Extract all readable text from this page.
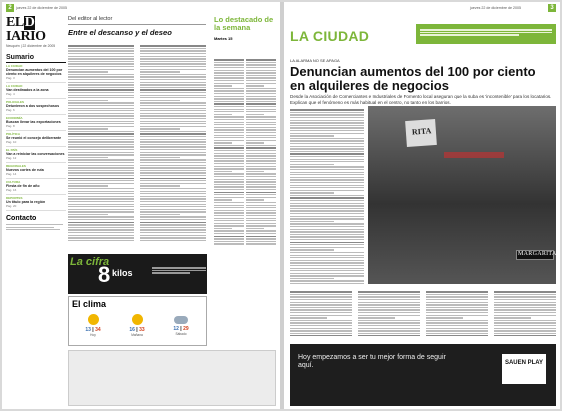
2	jueves 22 de diciembre de 2005
ELDIARIO
Neuquén | 22 diciembre de 2005
Sumario
LA CIUDAD
Denuncian aumentos del 100 por ciento en alquileres de negocios
Pág. 3
LA CIUDAD
Van destinados a la zona
Pág. 4
POLICIALES
Detuvieron a dos sospechosos
Pág. 6
ECONOMÍA
Buscan llevar las exportaciones
Pág. 8
POLÍTICA
Se reunió el concejo deliberante
Pág. 10
EL PAÍS
Van a reiniciar las conversaciones
Pág. 12
REGIONALES
Nuevos cortes de ruta
Pág. 14
CULTURA
Fiesta de fin de año
Pág. 16
DEPORTES
Un título para la región
Pág. 20
Contacto
Del editor al lector
Entre el descanso y el deseo
Lo destacado de la semana
Martes 15
La cifra
8 kilos
El clima
13 | 34
Hoy
16 | 33
Mañana
12 | 29
Sábado
jueves 22 de diciembre de 2005	3
LA CIUDAD
LA ALARMA NO SE APAGA
Denuncian aumentos del 100 por ciento en alquileres de negocios
Desde la Asociación de Comerciantes e Industriales de Fomento local aseguran que la suba es 'incontenible' para los locatarios. Explican que el fenómeno es más habitual en el centro, no tanto en los barrios.
RITA
MARGARITA
Hoy empezamos a ser tu mejor forma de seguir aquí.	SAUEN PLAY
